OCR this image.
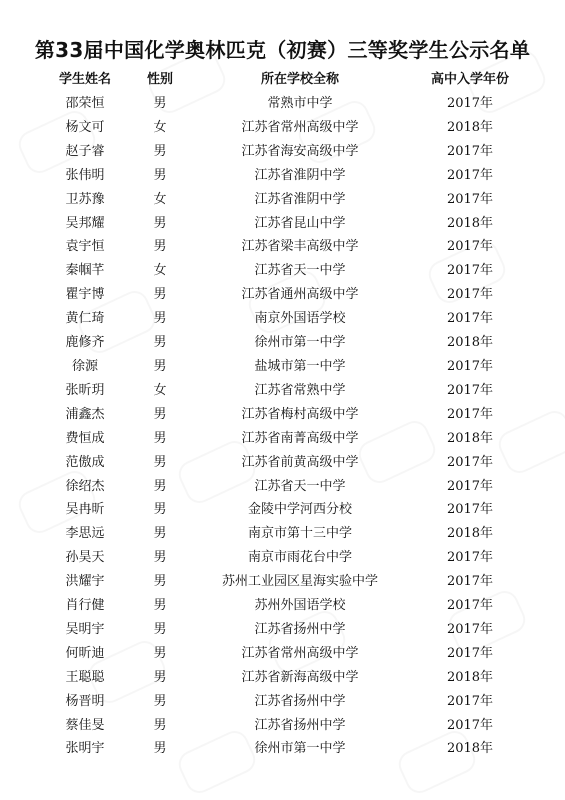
第33届中国化学奥林匹克（初赛）三等奖学生公示名单
学生姓名	性别	所在学校全称	高中入学年份
邵荣恒	男	常熟市中学	2017年
杨文可	女	江苏省常州高级中学	2018年
赵子睿	男	江苏省海安高级中学	2017年
张伟明	男	江苏省淮阴中学	2017年
卫苏豫	女	江苏省淮阴中学	2017年
吴邦耀	男	江苏省昆山中学	2018年
袁宇恒	男	江苏省梁丰高级中学	2017年
秦帼芊	女	江苏省天一中学	2017年
瞿宇博	男	江苏省通州高级中学	2017年
黄仁琦	男	南京外国语学校	2017年
鹿修齐	男	徐州市第一中学	2018年
徐源	男	盐城市第一中学	2017年
张昕玥	女	江苏省常熟中学	2017年
浦鑫杰	男	江苏省梅村高级中学	2017年
费恒成	男	江苏省南菁高级中学	2018年
范傲成	男	江苏省前黄高级中学	2017年
徐绍杰	男	江苏省天一中学	2017年
吴冉昕	男	金陵中学河西分校	2017年
李思远	男	南京市第十三中学	2018年
孙昊天	男	南京市雨花台中学	2017年
洪耀宇	男	苏州工业园区星海实验中学	2017年
肖行健	男	苏州外国语学校	2017年
吴明宇	男	江苏省扬州中学	2017年
何昕迪	男	江苏省常州高级中学	2017年
王聪聪	男	江苏省新海高级中学	2018年
杨晋明	男	江苏省扬州中学	2017年
蔡佳旻	男	江苏省扬州中学	2017年
张明宇	男	徐州市第一中学	2018年
